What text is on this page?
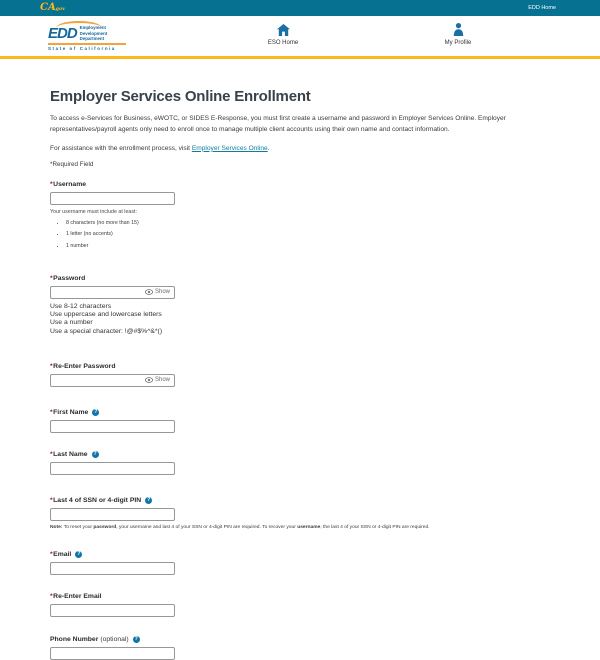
CA.gov	EDD Home
EDD Employment
Development
Department
State of California
ESO Home	My Profile
Employer Services Online Enrollment

To access e-Services for Business, eWOTC, or SIDES E-Response, you must first create a username and password in Employer Services Online. Employer representatives/payroll agents only need to enroll once to manage multiple client accounts using their own name and contact information.

For assistance with the enrollment process, visit Employer Services Online.

*Required Field

* Username
Your username must include at least:
• 8 characters (no more than 15)
• 1 letter (no accents)
• 1 number
* Password
Show
Use 8-12 characters
Use uppercase and lowercase letters
Use a number
Use a special character: !@#$%^&*()
* Re-Enter Password
Show
* First Name	?
* Last Name	?
* Last 4 of SSN or 4-digit PIN	?
Note: To reset your password, your username and last 4 of your SSN or 4-digit PIN are required. To recover your username, the last 4 of your SSN or 4-digit PIN are required.
* Email	?
* Re-Enter Email
Phone Number (optional)	?
